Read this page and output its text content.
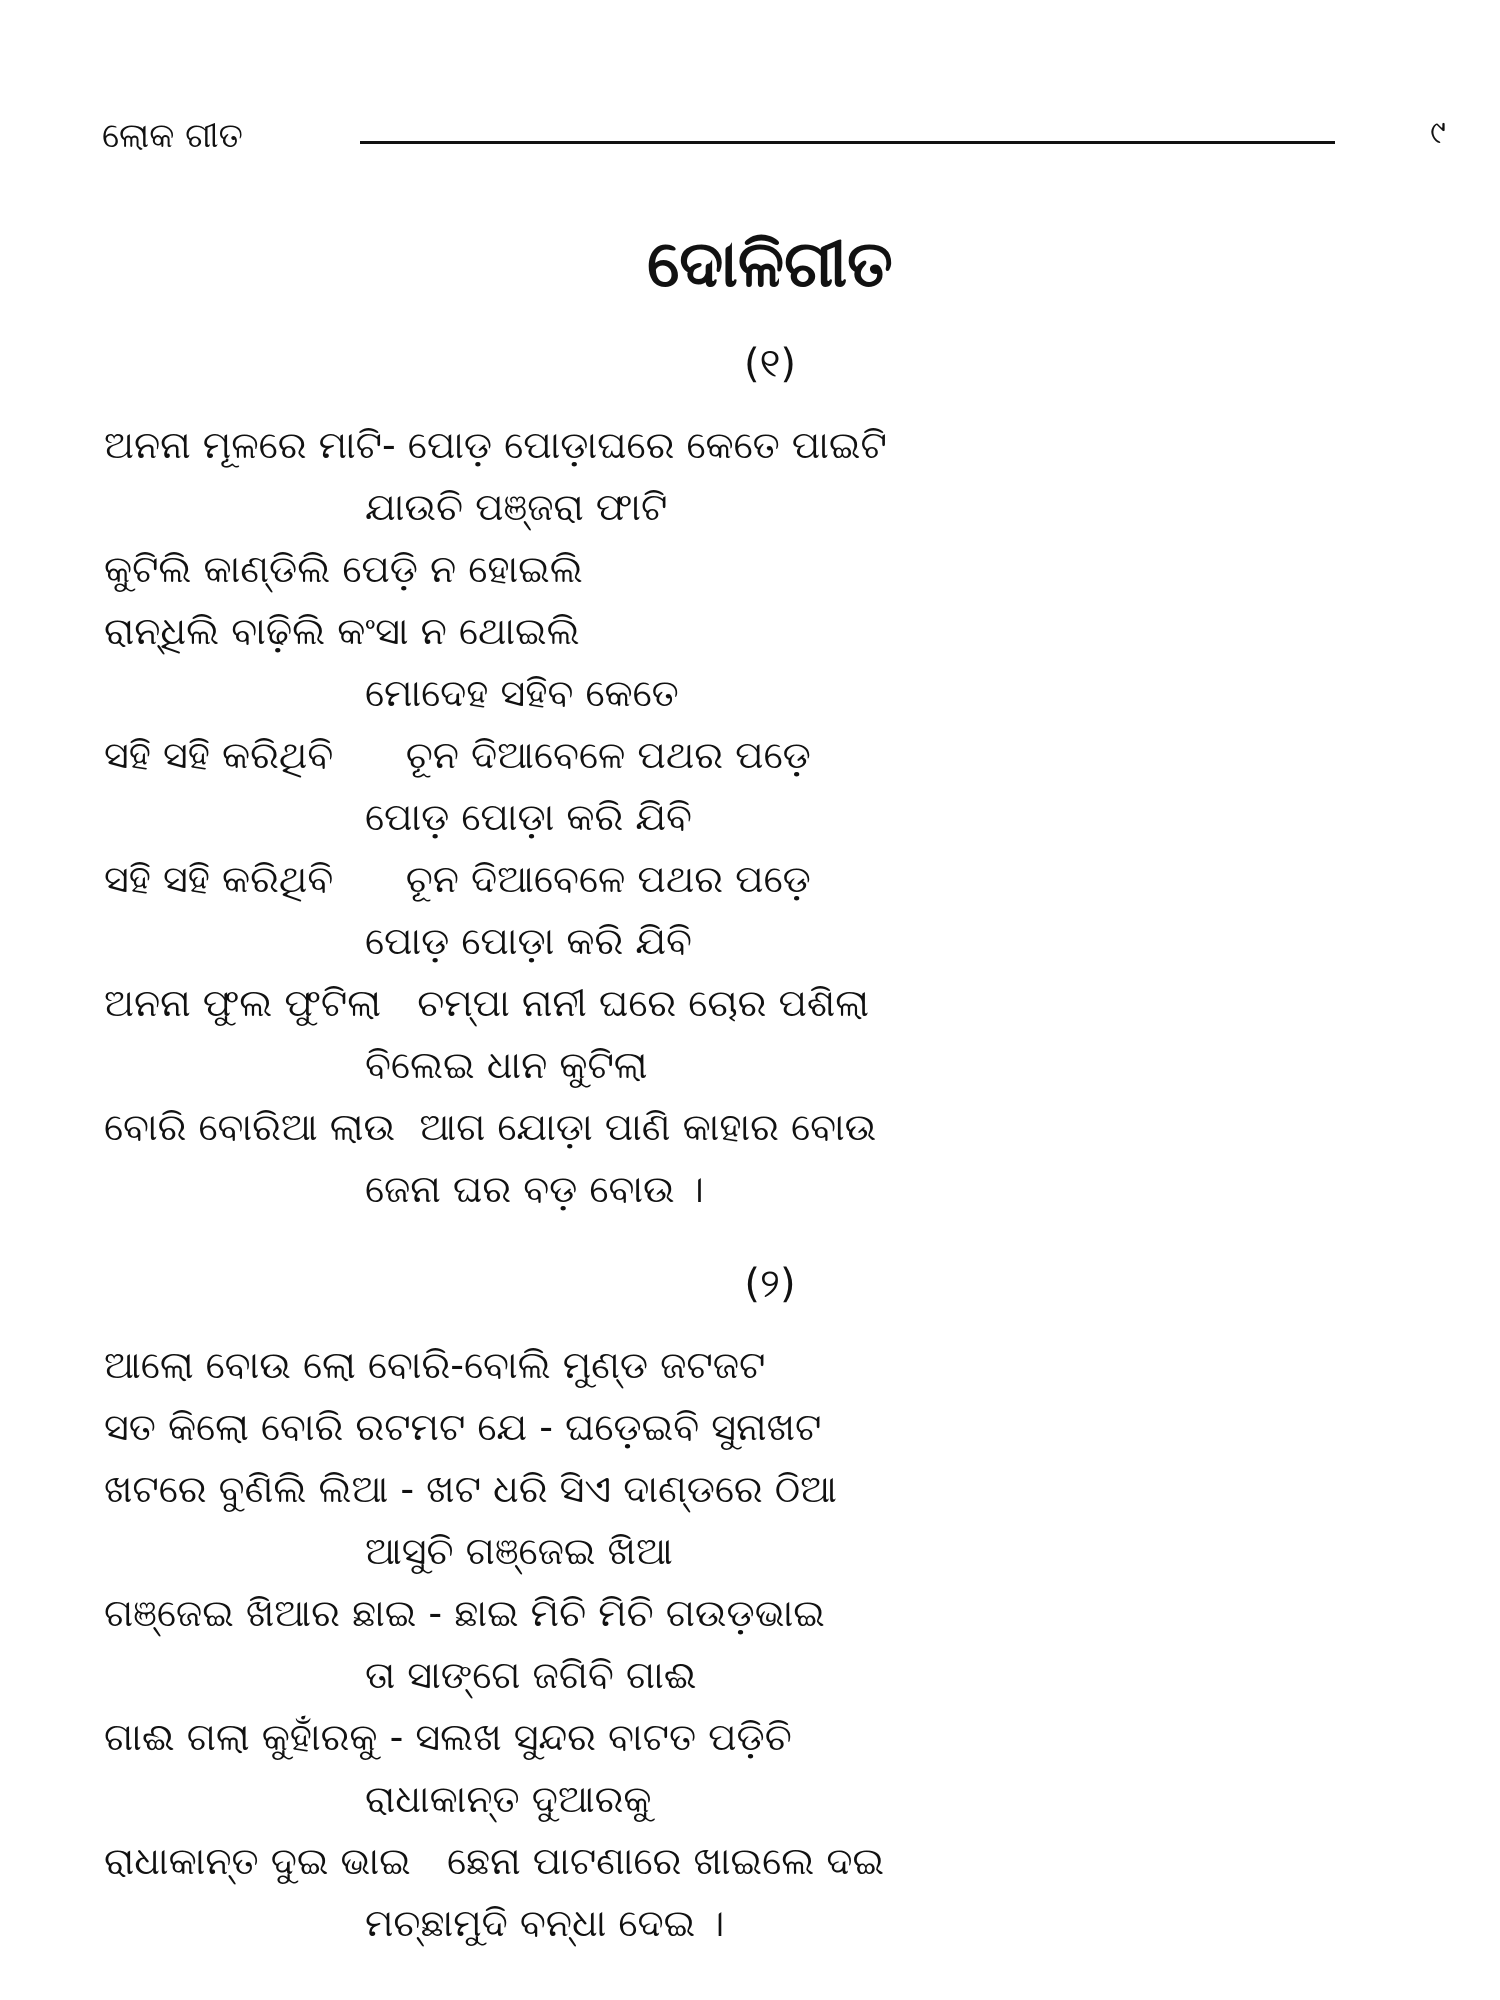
ଲୋକ ଗୀତ	୯
ଦୋଳିଗୀତ
(୧)
ଅନନା ମୂଳରେ ମାଟି- ପୋଡ଼ ପୋଡ଼ାଘରେ କେତେ ପାଇଟି
ଯାଉଚି ପଞ୍ଜରା ଫାଟି
କୁଟିଲି କାଣ୍ଡିଲି ପେଡ଼ି ନ ହୋଇଲି
ରାନ୍ଧିଲି ବାଢ଼ିଲି କଂସା ନ ଥୋଇଲି
ମୋଦେହ ସହିବ କେତେ
ସହି ସହି କରିଥିବି      ଚୂନ ଦିଆବେଳେ ପଥର ପଡ଼େ
ପୋଡ଼ ପୋଡ଼ା କରି ଯିବି
ସହି ସହି କରିଥିବି      ଚୂନ ଦିଆବେଳେ ପଥର ପଡ଼େ
ପୋଡ଼ ପୋଡ଼ା କରି ଯିବି
ଅନନା ଫୁଲ ଫୁଟିଲା   ଚମ୍ପା ନାନୀ ଘରେ ଚୋର ପଶିଲା
ବିଲେଇ ଧାନ କୁଟିଲା
ବୋରି ବୋରିଆ ଲାଉ  ଆଗ ଯୋଡ଼ା ପାଣି କାହାର ବୋଉ
ଜେନା ଘର ବଡ଼ ବୋଉ ।
(୨)
ଆଲୋ ବୋଉ ଲୋ ବୋରି-ବୋଲି ମୁଣ୍ଡ ଜଟଜଟ
ସତ କିଲୋ ବୋରି ରଟମଟ ଯେ - ଘଡ଼େଇବି ସୁନାଖଟ
ଖଟରେ ବୁଣିଲି ଲିଆ - ଖଟ ଧରି ସିଏ ଦାଣ୍ଡରେ ଠିଆ
ଆସୁଚି ଗଞ୍ଜେଇ ଖିଆ
ଗଞ୍ଜେଇ ଖିଆର ଛାଇ - ଛାଇ ମିଚି ମିଚି ଗଉଡ଼ଭାଇ
ତା ସାଙ୍ଗେ ଜଗିବି ଗାଈ
ଗାଈ ଗଲା କୁହାଁରକୁ - ସଲଖ ସୁନ୍ଦର ବାଟତ ପଡ଼ିଚି
ରାଧାକାନ୍ତ ଦୁଆରକୁ
ରାଧାକାନ୍ତ ଦୁଇ ଭାଇ   ଛେନା ପାଟଣାରେ ଖାଇଲେ ଦଇ
ମଚ୍ଛାମୁଦି ବନ୍ଧା ଦେଇ ।
